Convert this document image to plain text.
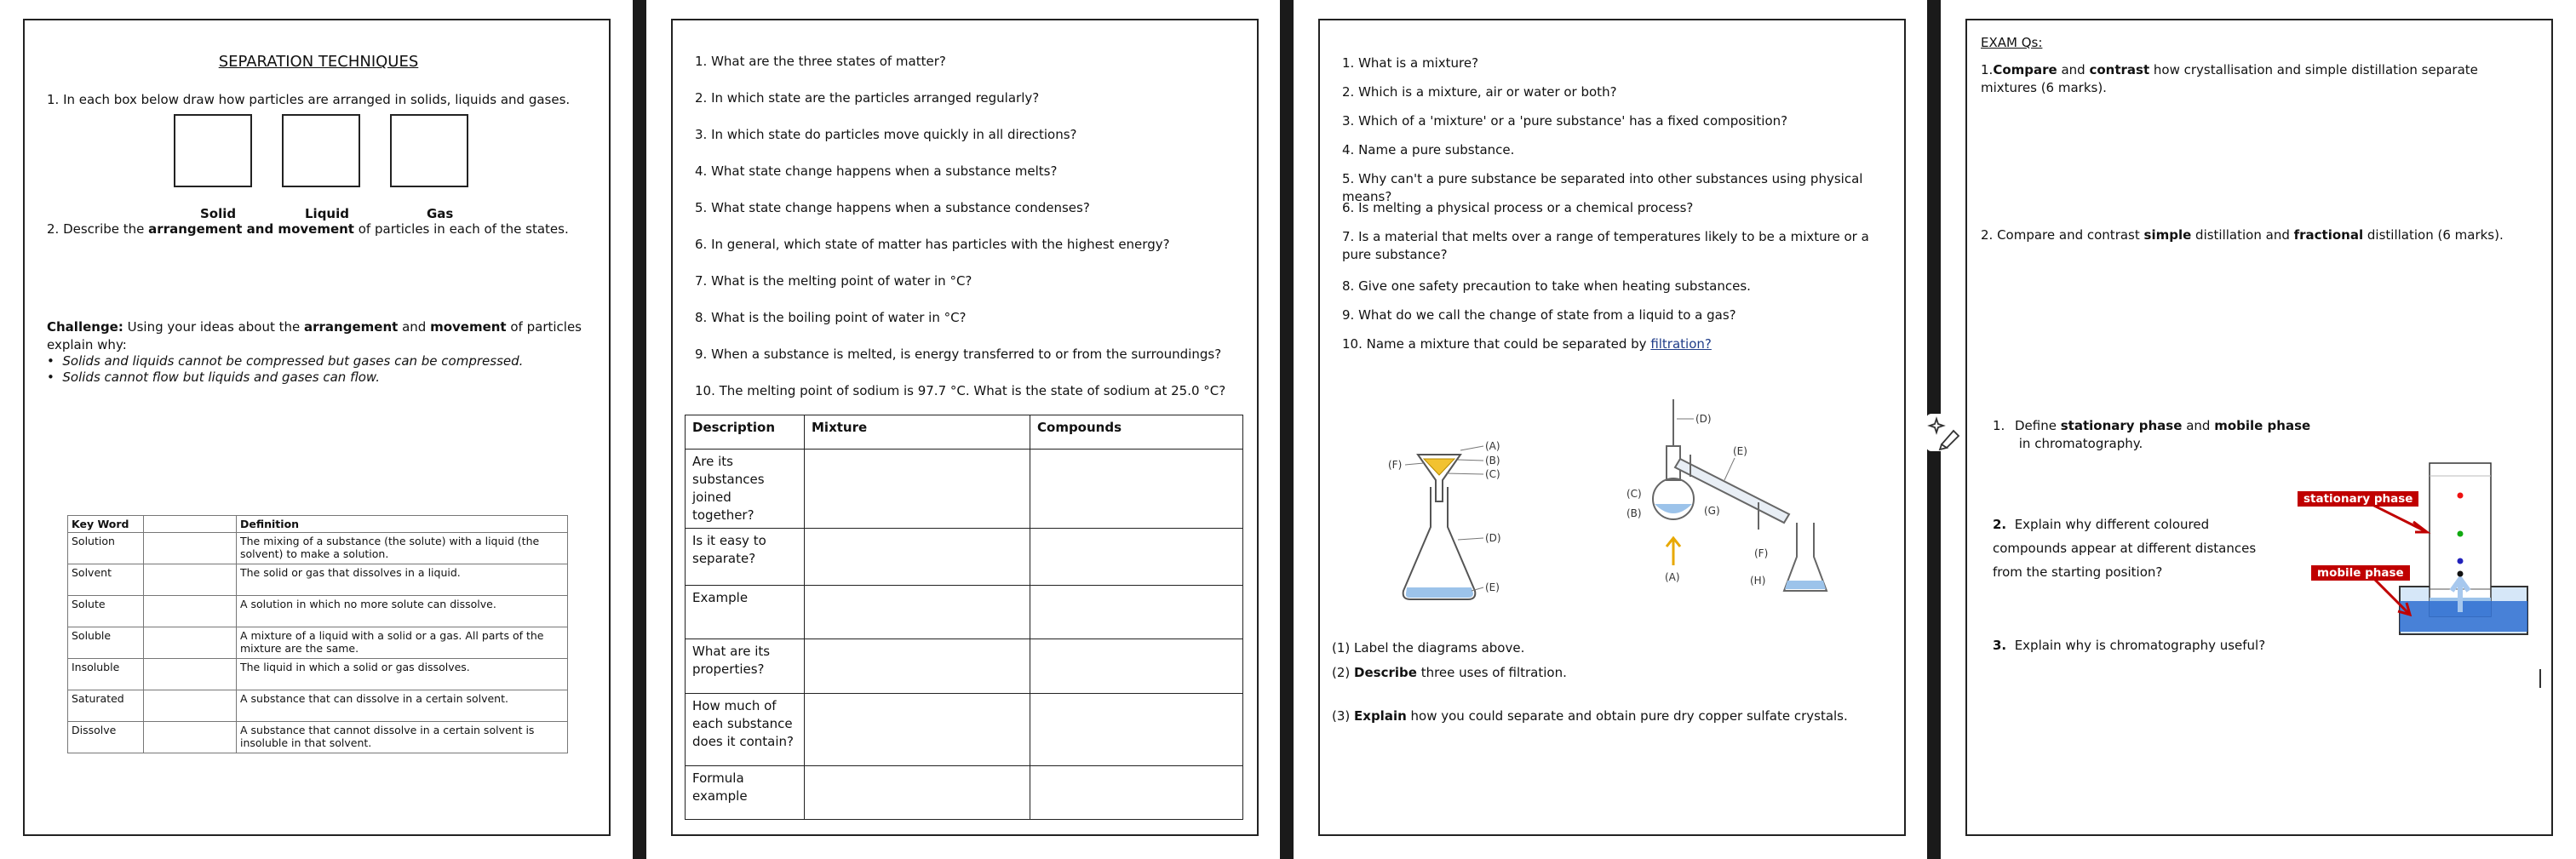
SEPARATION TECHNIQUES
1. In each box below draw how particles are arranged in solids, liquids and gases.
Solid	Liquid	Gas
2. Describe the arrangement and movement of particles in each of the states.
Challenge: Using your ideas about the arrangement and movement of particles explain why:
•  Solids and liquids cannot be compressed but gases can be compressed.
•  Solids cannot flow but liquids and gases can flow.
Key Word		Definition
Solution		The mixing of a substance (the solute) with a liquid (the solvent) to make a solution.
Solvent		The solid or gas that dissolves in a liquid.
Solute		A solution in which no more solute can dissolve.
Soluble		A mixture of a liquid with a solid or a gas. All parts of the mixture are the same.
Insoluble		The liquid in which a solid or gas dissolves.
Saturated		A substance that can dissolve in a certain solvent.
Dissolve		A substance that cannot dissolve in a certain solvent is insoluble in that solvent.
1. What are the three states of matter?
2. In which state are the particles arranged regularly?
3. In which state do particles move quickly in all directions?
4. What state change happens when a substance melts?
5. What state change happens when a substance condenses?
6. In general, which state of matter has particles with the highest energy?
7. What is the melting point of water in °C?
8. What is the boiling point of water in °C?
9. When a substance is melted, is energy transferred to or from the surroundings?
10. The melting point of sodium is 97.7 °C. What is the state of sodium at 25.0 °C?
Description	Mixture	Compounds
Are its substances joined together?		
Is it easy to separate?		
Example		
What are its properties?		
How much of each substance does it contain?		
Formula example		
1. What is a mixture?
2. Which is a mixture, air or water or both?
3. Which of a 'mixture' or a 'pure substance' has a fixed composition?
4. Name a pure substance.
5. Why can't a pure substance be separated into other substances using physical means?
6. Is melting a physical process or a chemical process?
7. Is a material that melts over a range of temperatures likely to be a mixture or a pure substance?
8. Give one safety precaution to take when heating substances.
9. What do we call the change of state from a liquid to a gas?
10. Name a mixture that could be separated by filtration?
(A)
(B)
(C)
(D)
(E)
(F)
(D)
(E)
(C)
(B)	(G)
(F)
(A)	(H)
(1) Label the diagrams above.
(2) Describe three uses of filtration.
(3) Explain how you could separate and obtain pure dry copper sulfate crystals.
EXAM Qs:
1.Compare and contrast how crystallisation and simple distillation separate mixtures (6 marks).
2. Compare and contrast simple distillation and fractional distillation (6 marks).
1. Define stationary phase and mobile phase
in chromatography.
2. Explain why different coloured compounds appear at different distances from the starting position?
3. Explain why is chromatography useful?
stationary phase
mobile phase
